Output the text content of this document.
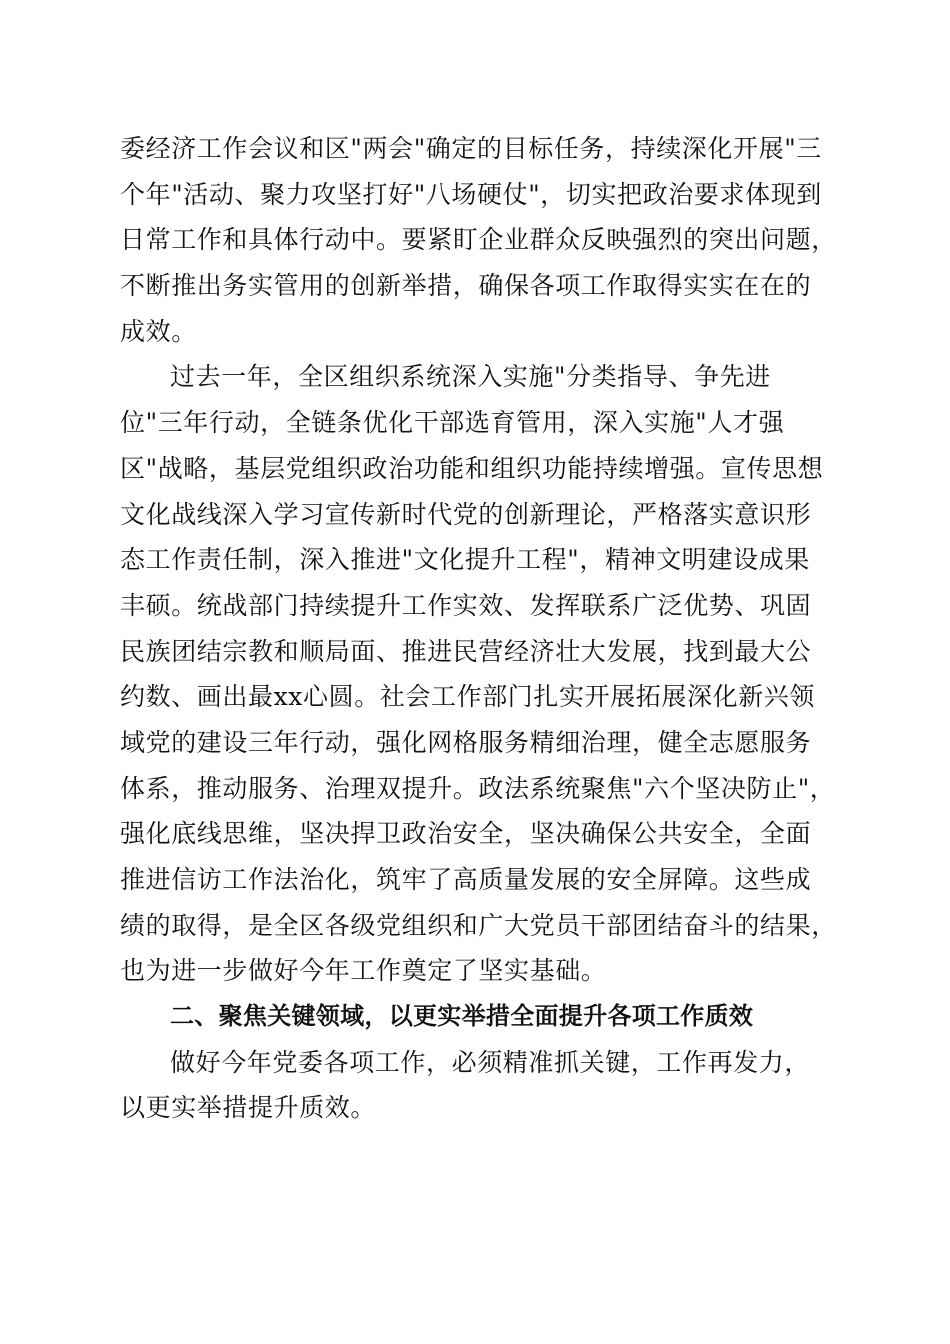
委经济工作会议和区"两会"确定的目标任务，持续深化开展"三
个年"活动、聚力攻坚打好"八场硬仗"，切实把政治要求体现到
日常工作和具体行动中。要紧盯企业群众反映强烈的突出问题，
不断推出务实管用的创新举措，确保各项工作取得实实在在的
成效。
过去一年，全区组织系统深入实施"分类指导、争先进
位"三年行动，全链条优化干部选育管用，深入实施"人才强
区"战略，基层党组织政治功能和组织功能持续增强。宣传思想
文化战线深入学习宣传新时代党的创新理论，严格落实意识形
态工作责任制，深入推进"文化提升工程"，精神文明建设成果
丰硕。统战部门持续提升工作实效、发挥联系广泛优势、巩固
民族团结宗教和顺局面、推进民营经济壮大发展，找到最大公
约数、画出最xx心圆。社会工作部门扎实开展拓展深化新兴领
域党的建设三年行动，强化网格服务精细治理，健全志愿服务
体系，推动服务、治理双提升。政法系统聚焦"六个坚决防止"，
强化底线思维，坚决捍卫政治安全，坚决确保公共安全，全面
推进信访工作法治化，筑牢了高质量发展的安全屏障。这些成
绩的取得，是全区各级党组织和广大党员干部团结奋斗的结果，
也为进一步做好今年工作奠定了坚实基础。
二、聚焦关键领域，以更实举措全面提升各项工作质效
做好今年党委各项工作，必须精准抓关键，工作再发力，
以更实举措提升质效。
